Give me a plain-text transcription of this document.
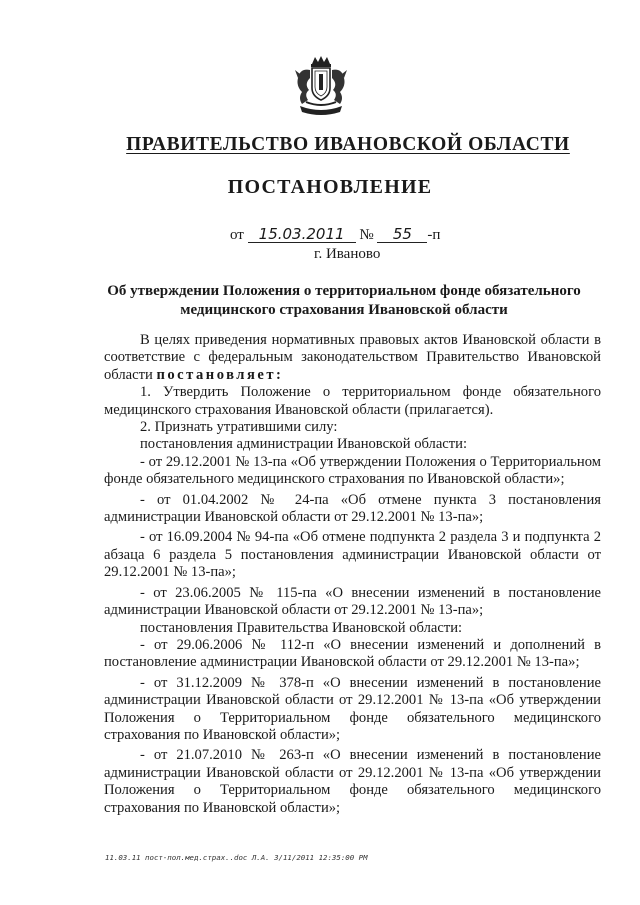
ПРАВИТЕЛЬСТВО ИВАНОВСКОЙ ОБЛАСТИ
ПОСТАНОВЛЕНИЕ
от 15.03.2011 № 55 -п
г. Иваново
Об утверждении Положения о территориальном фонде обязательного
медицинского страхования Ивановской области

В целях приведения нормативных правовых актов Ивановской области в соответствие с федеральным законодательством Правительство Ивановской области постановляет:

1. Утвердить Положение о территориальном фонде обязательного медицинского страхования Ивановской области (прилагается).

2. Признать утратившими силу:

постановления администрации Ивановской области:

- от 29.12.2001 № 13-па «Об утверждении Положения о Территориальном фонде обязательного медицинского страхования по Ивановской области»;

- от 01.04.2002 № 24-па «Об отмене пункта 3 постановления администрации Ивановской области от 29.12.2001 № 13-па»;

- от 16.09.2004 № 94-па «Об отмене подпункта 2 раздела 3 и подпункта 2 абзаца 6 раздела 5 постановления администрации Ивановской области от 29.12.2001 № 13-па»;

- от 23.06.2005 № 115-па «О внесении изменений в постановление администрации Ивановской области от 29.12.2001 № 13-па»;

постановления Правительства Ивановской области:

- от 29.06.2006 № 112-п «О внесении изменений и дополнений в постановление администрации Ивановской области от 29.12.2001 № 13-па»;

- от 31.12.2009 № 378-п «О внесении изменений в постановление администрации Ивановской области от 29.12.2001 № 13-па «Об утверждении Положения о Территориальном фонде обязательного медицинского страхования по Ивановской области»;

- от 21.07.2010 № 263-п «О внесении изменений в постановление администрации Ивановской области от 29.12.2001 № 13-па «Об утверждении Положения о Территориальном фонде обязательного медицинского страхования по Ивановской области»;

11.03.11 пост-пол.мед.страх..doc Л.А. 3/11/2011 12:35:00 PM
